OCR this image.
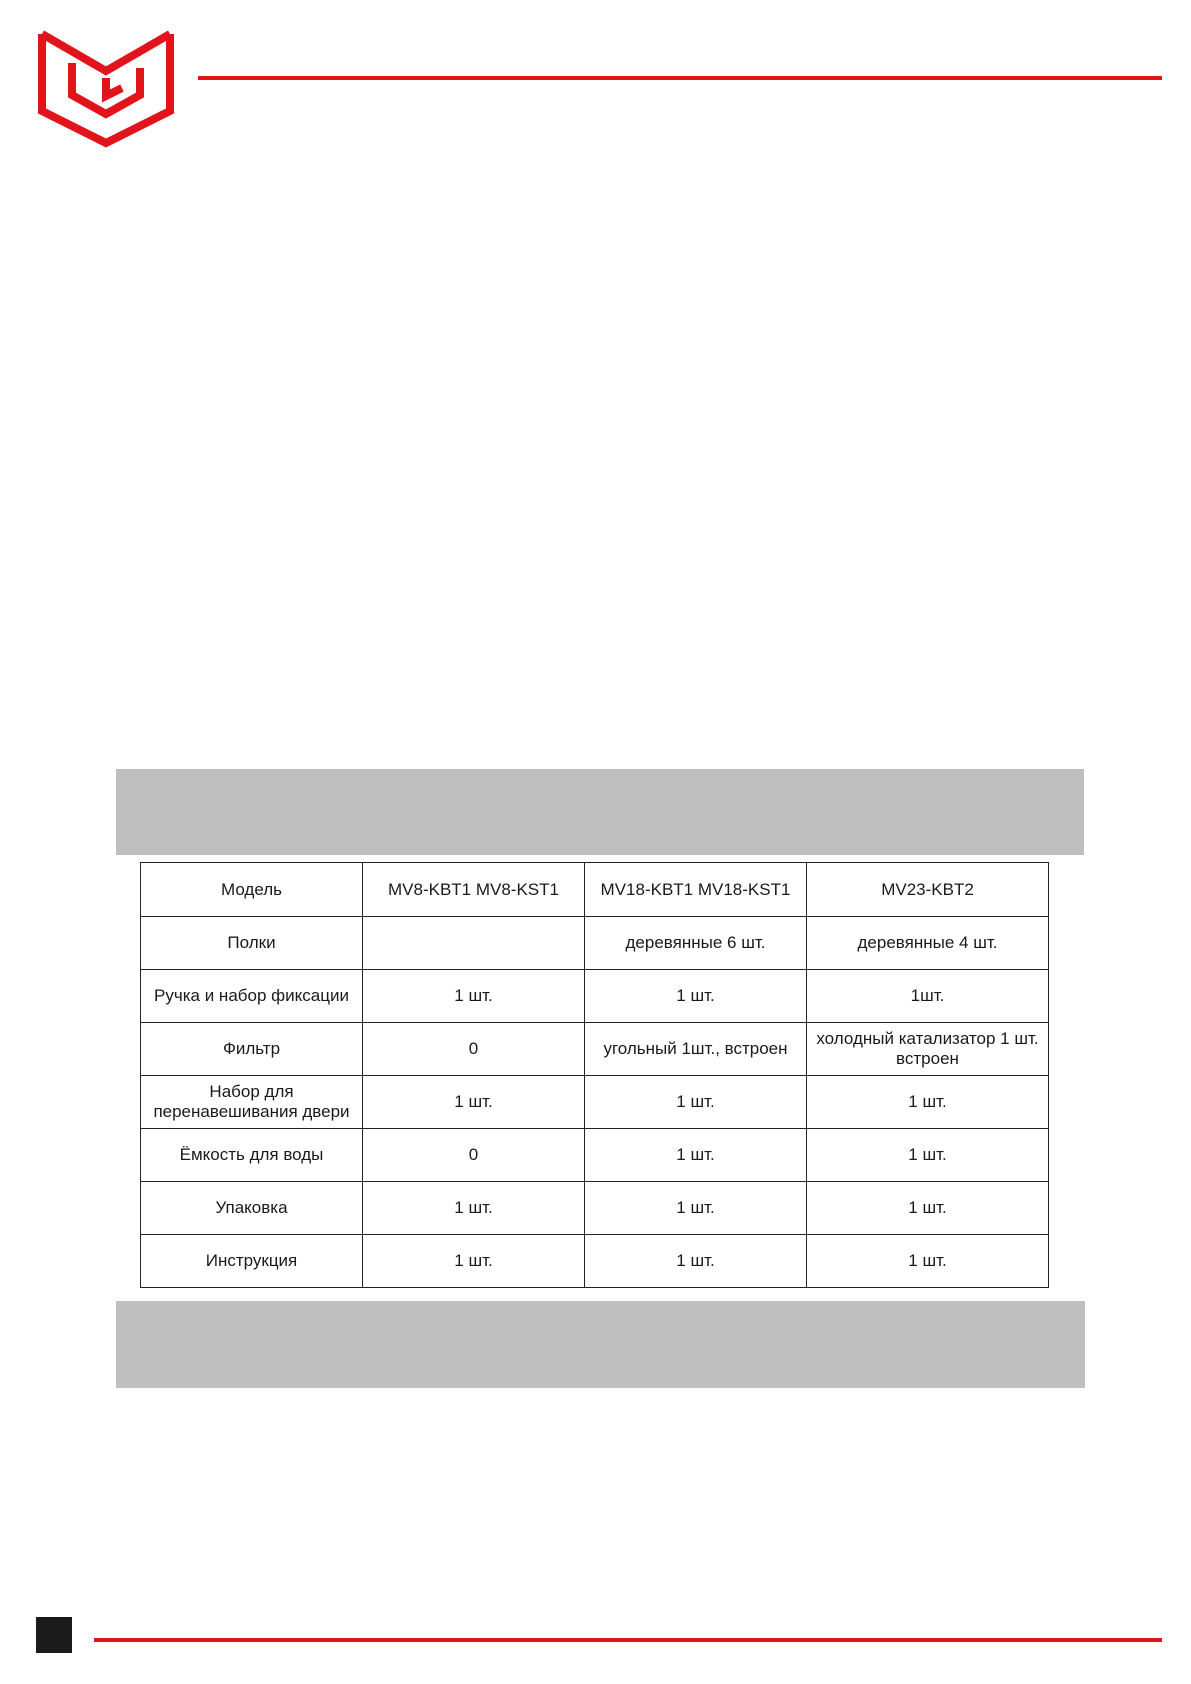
Модель	MV8-KBT1 MV8-KST1	MV18-KBT1 MV18-KST1	MV23-KBT2
Полки		деревянные 6 шт.	деревянные 4 шт.
Ручка и набор фиксации	1 шт.	1 шт.	1шт.
Фильтр	0	угольный 1шт., встроен	холодный катализатор 1 шт. встроен
Набор для перенавешивания двери	1 шт.	1 шт.	1 шт.
Ёмкость для воды	0	1 шт.	1 шт.
Упаковка	1 шт.	1 шт.	1 шт.
Инструкция	1 шт.	1 шт.	1 шт.
